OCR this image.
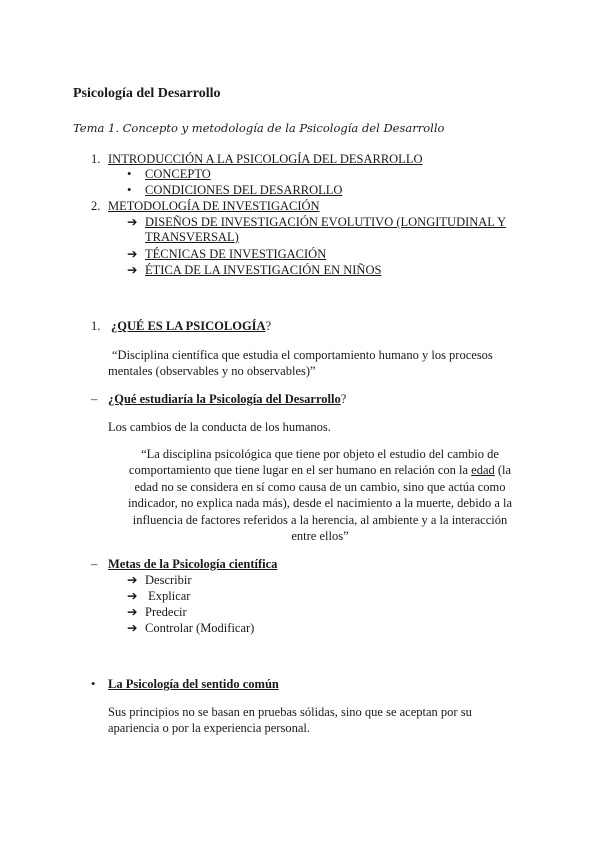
Psicología del Desarrollo
Tema 1. Concepto y metodología de la Psicología del Desarrollo
1. INTRODUCCIÓN A LA PSICOLOGÍA DEL DESARROLLO
• CONCEPTO
• CONDICIONES DEL DESARROLLO
2. METODOLOGÍA DE INVESTIGACIÓN
➔ DISEÑOS DE INVESTIGACIÓN EVOLUTIVO (LONGITUDINAL Y
TRANSVERSAL)
➔ TÉCNICAS DE INVESTIGACIÓN
➔ ÉTICA DE LA INVESTIGACIÓN EN NIÑOS
1. ¿QUÉ ES LA PSICOLOGÍA?
“Disciplina científica que estudia el comportamiento humano y los procesos
mentales (observables y no observables)”
– ¿Qué estudiaría la Psicología del Desarrollo?
Los cambios de la conducta de los humanos.
“La disciplina psicológica que tiene por objeto el estudio del cambio de
comportamiento que tiene lugar en el ser humano en relación con la edad (la
edad no se considera en sí como causa de un cambio, sino que actúa como
indicador, no explica nada más), desde el nacimiento a la muerte, debido a la
influencia de factores referidos a la herencia, al ambiente y a la interacción
entre ellos”
– Metas de la Psicología científica
➔ Describir
➔ Explicar
➔ Predecir
➔ Controlar (Modificar)
• La Psicología del sentido común
Sus principios no se basan en pruebas sólidas, sino que se aceptan por su
apariencia o por la experiencia personal.
